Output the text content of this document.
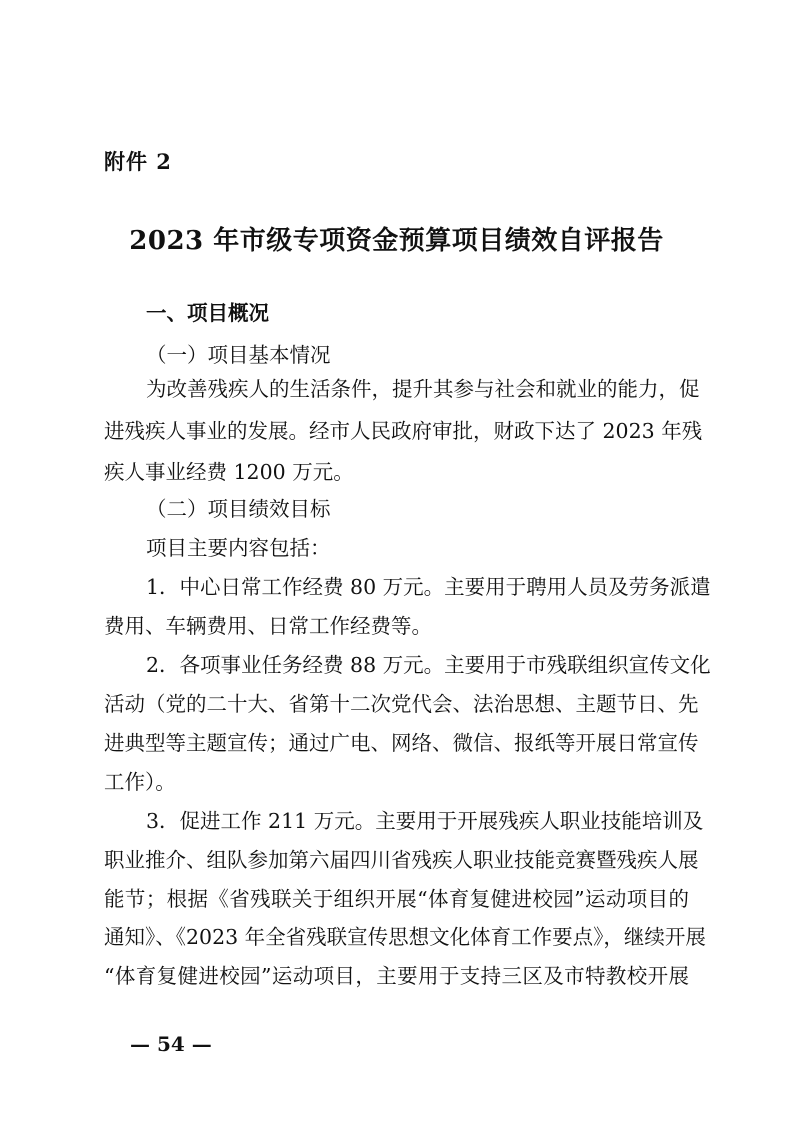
附件 2
2023 年市级专项资金预算项目绩效自评报告
一、项目概况
（一）项目基本情况
为改善残疾人的生活条件，提升其参与社会和就业的能力，促
进残疾人事业的发展。经市人民政府审批，财政下达了 2023 年残
疾人事业经费 1200 万元。
（二）项目绩效目标
项目主要内容包括：
1．中心日常工作经费 80 万元。主要用于聘用人员及劳务派遣
费用、车辆费用、日常工作经费等。
2．各项事业任务经费 88 万元。主要用于市残联组织宣传文化
活动（党的二十大、省第十二次党代会、法治思想、主题节日、先
进典型等主题宣传；通过广电、网络、微信、报纸等开展日常宣传
工作）。
3．促进工作 211 万元。主要用于开展残疾人职业技能培训及
职业推介、组队参加第六届四川省残疾人职业技能竞赛暨残疾人展
能节；根据《省残联关于组织开展“体育复健进校园”运动项目的
通知》、《2023 年全省残联宣传思想文化体育工作要点》，继续开展
“体育复健进校园”运动项目，主要用于支持三区及市特教校开展
— 54 —
